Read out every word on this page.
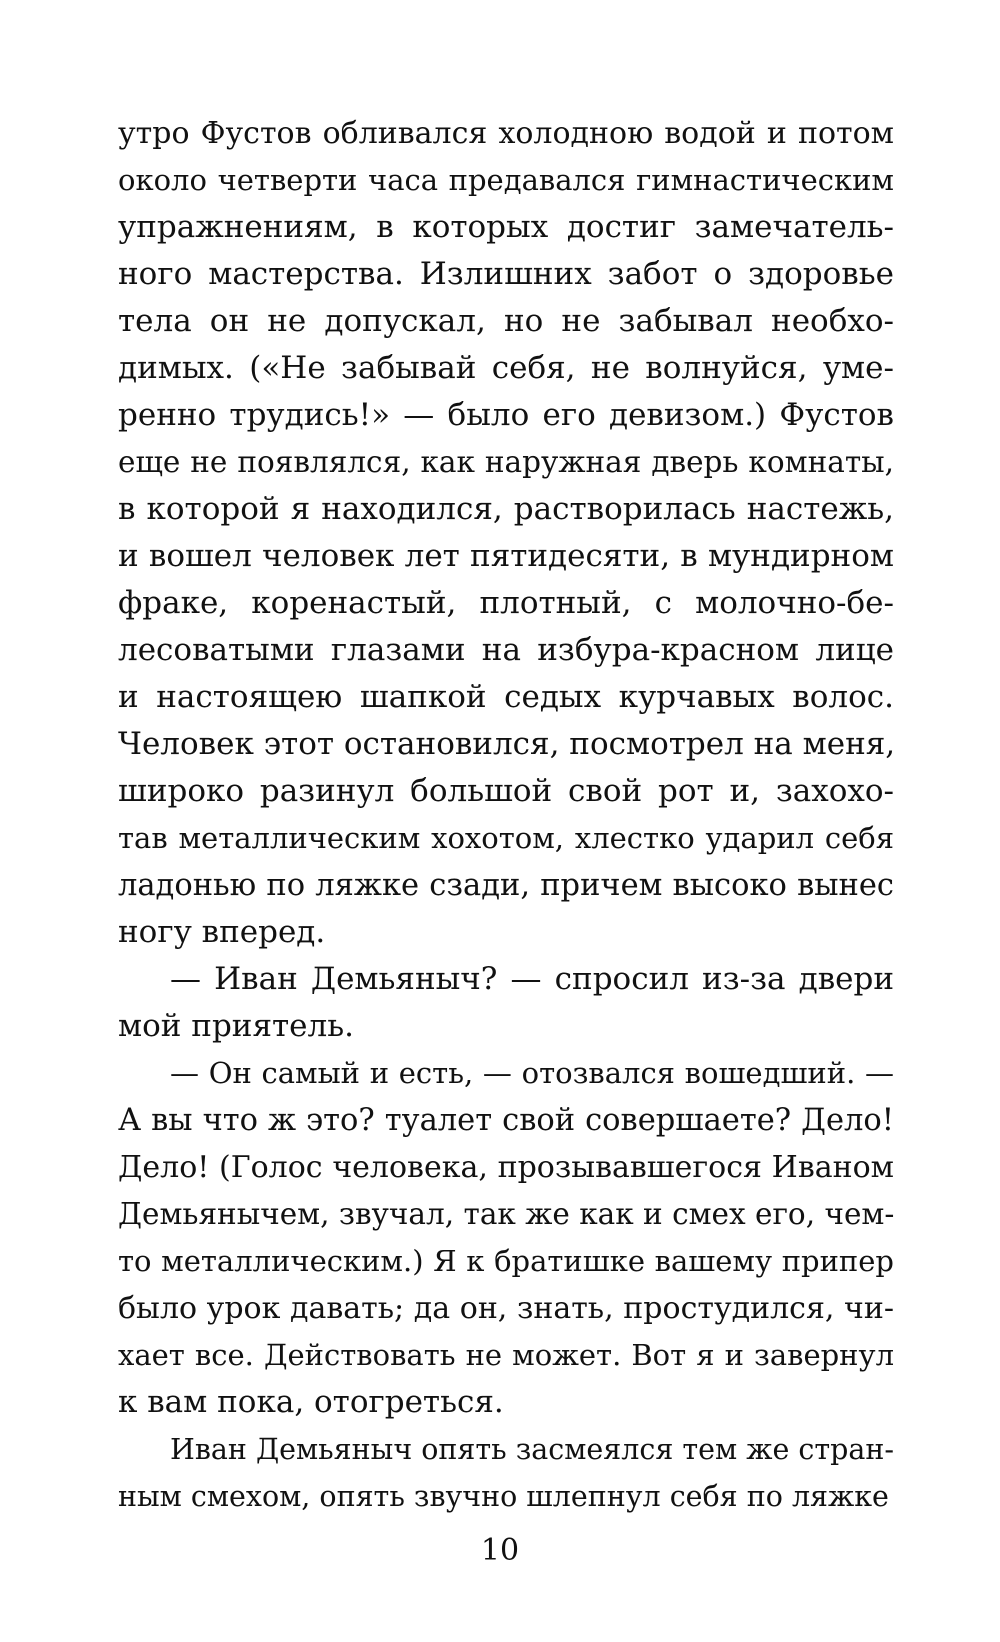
утро Фустов обливался холодною водой и потом
около четверти часа предавался гимнастическим
упражнениям, в которых достиг замечатель-
ного мастерства. Излишних забот о здоровье
тела он не допускал, но не забывал необхо-
димых. («Не забывай себя, не волнуйся, уме-
ренно трудись!» — было его девизом.) Фустов
еще не появлялся, как наружная дверь комнаты,
в которой я находился, растворилась настежь,
и вошел человек лет пятидесяти, в мундирном
фраке, коренастый, плотный, с молочно-бе-
лесоватыми глазами на избура-красном лице
и настоящею шапкой седых курчавых волос.
Человек этот остановился, посмотрел на меня,
широко разинул большой свой рот и, захохо-
тав металлическим хохотом, хлестко ударил себя
ладонью по ляжке сзади, причем высоко вынес
ногу вперед.
— Иван Демьяныч? — спросил из-за двери
мой приятель.
— Он самый и есть, — отозвался вошедший. —
А вы что ж это? туалет свой совершаете? Дело!
Дело! (Голос человека, прозывавшегося Иваном
Демьянычем, звучал, так же как и смех его, чем-
то металлическим.) Я к братишке вашему припер
было урок давать; да он, знать, простудился, чи-
хает все. Действовать не может. Вот я и завернул
к вам пока, отогреться.
Иван Демьяныч опять засмеялся тем же стран-
ным смехом, опять звучно шлепнул себя по ляжке
10
